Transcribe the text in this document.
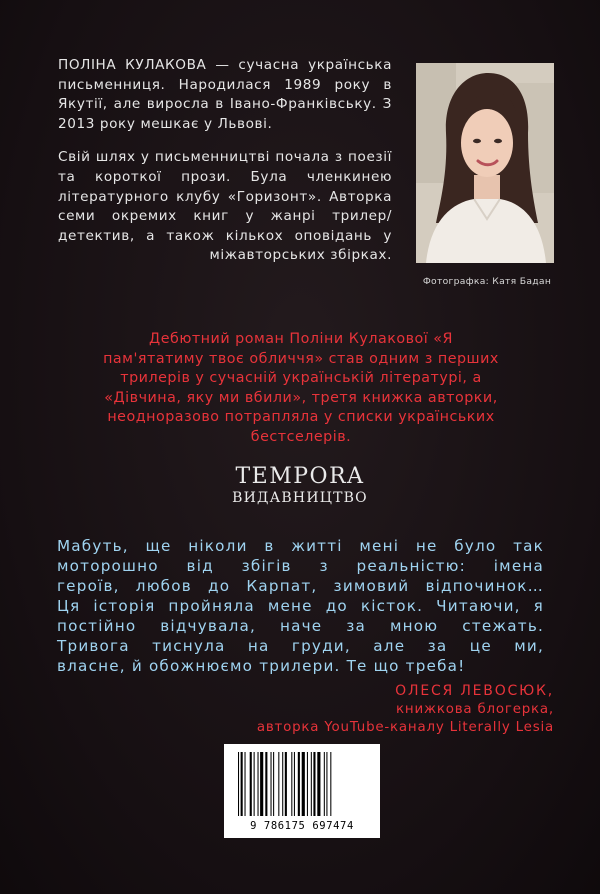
ПОЛІНА КУЛАКОВА — сучасна українська письменниця. Народилася 1989 року в Якутії, але виросла в Івано-Франківську. З 2013 року мешкає у Львові.

Свій шлях у письменництві почала з поезії та короткої прози. Була членкинею літературного клубу «Горизонт». Авторка семи окремих книг у жанрі трилер/детектив, а також кількох оповідань у міжавторських збірках.

Фотографка: Катя Бадан
Дебютний роман Поліни Кулакової «Я
пам'ятатиму твоє обличчя» став одним з перших
трилерів у сучасній українській літературі, а
«Дівчина, яку ми вбили», третя книжка авторки,
неодноразово потрапляла у списки українських
бестселерів.
ТЕМPORA
ВИДАВНИЦТВО
Мабуть, ще ніколи в житті мені не було так
моторошно від збігів з реальністю: імена
героїв, любов до Карпат, зимовий відпочинок…
Ця історія пройняла мене до кісток. Читаючи, я
постійно відчувала, наче за мною стежать.
Тривога тиснула на груди, але за це ми,
власне, й обожнюємо трилери. Те що треба!
ОЛЕСЯ ЛЕВОСЮК,
книжкова блогерка,
авторка YouTube-каналу Literally Lesia
9 786175 697474
